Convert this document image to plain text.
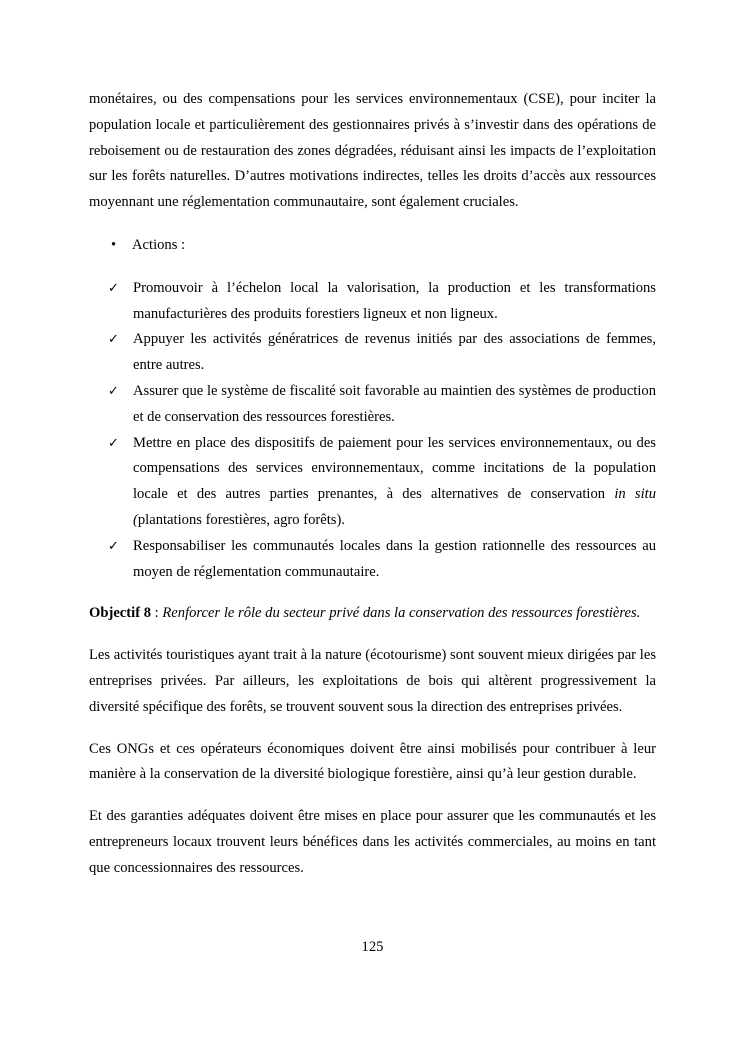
monétaires, ou des compensations pour les services environnementaux (CSE), pour inciter la population locale et particulièrement des gestionnaires privés à s’investir dans des opérations de reboisement ou de restauration des zones dégradées, réduisant ainsi les impacts de l’exploitation sur les forêts naturelles. D’autres motivations indirectes, telles les droits d’accès aux ressources moyennant une réglementation communautaire, sont également cruciales.

• Actions :
✓ Promouvoir à l’échelon local la valorisation, la production et les transformations manufacturières des produits forestiers ligneux et non ligneux.
✓ Appuyer les activités génératrices de revenus initiés par des associations de femmes, entre autres.
✓ Assurer que le système de fiscalité soit favorable au maintien des systèmes de production et de conservation des ressources forestières.
✓ Mettre en place des dispositifs de paiement pour les services environnementaux, ou des compensations des services environnementaux, comme incitations de la population locale et des autres parties prenantes, à des alternatives de conservation in situ (plantations forestières, agro forêts).
✓ Responsabiliser les communautés locales dans la gestion rationnelle des ressources au moyen de réglementation communautaire.

Objectif 8 : Renforcer le rôle du secteur privé dans la conservation des ressources forestières.

Les activités touristiques ayant trait à la nature (écotourisme) sont souvent mieux dirigées par les entreprises privées. Par ailleurs, les exploitations de bois qui altèrent progressivement la diversité spécifique des forêts, se trouvent souvent sous la direction des entreprises privées.

Ces ONGs et ces opérateurs économiques doivent être ainsi mobilisés pour contribuer à leur manière à la conservation de la diversité biologique forestière, ainsi qu’à leur gestion durable.

Et des garanties adéquates doivent être mises en place pour assurer que les communautés et les entrepreneurs locaux trouvent leurs bénéfices dans les activités commerciales, au moins en tant que concessionnaires des ressources.

125
